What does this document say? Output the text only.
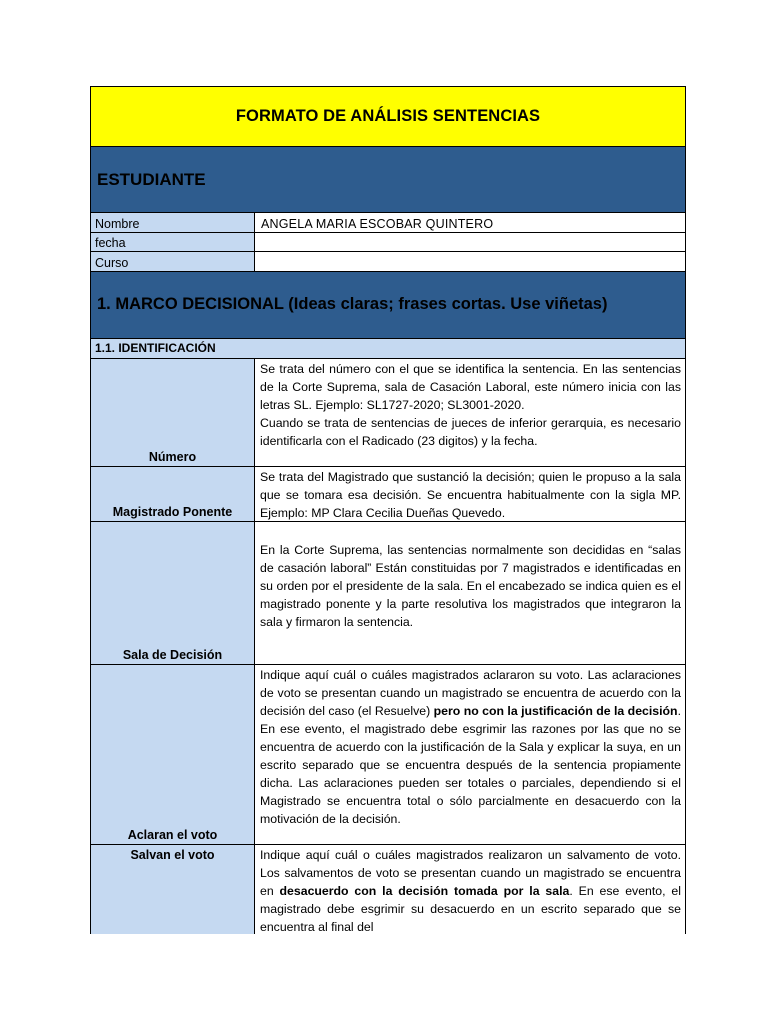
FORMATO DE ANÁLISIS SENTENCIAS
ESTUDIANTE
Nombre	ANGELA MARIA ESCOBAR QUINTERO
fecha
Curso
1. MARCO DECISIONAL (Ideas claras; frases cortas. Use viñetas)
1.1. IDENTIFICACIÓN
Número

Se trata del número con el que se identifica la sentencia. En las sentencias de la Corte Suprema, sala de Casación Laboral, este número inicia con las letras SL. Ejemplo: SL1727-2020; SL3001-2020.

Cuando se trata de sentencias de jueces de inferior gerarquia, es necesario identificarla con el Radicado (23 digitos) y la fecha.

Magistrado Ponente

Se trata del Magistrado que sustanció la decisión; quien le propuso a la sala que se tomara esa decisión. Se encuentra habitualmente con la sigla MP. Ejemplo: MP Clara Cecilia Dueñas Quevedo.

Sala de Decisión

En la Corte Suprema, las sentencias normalmente son decididas en “salas de casación laboral” Están constituidas por 7 magistrados e identificadas en su orden por el presidente de la sala. En el encabezado se indica quien es el magistrado ponente y la parte resolutiva los magistrados que integraron la sala y firmaron la sentencia.

Aclaran el voto

Indique aquí cuál o cuáles magistrados aclararon su voto. Las aclaraciones de voto se presentan cuando un magistrado se encuentra de acuerdo con la decisión del caso (el Resuelve) pero no con la justificación de la decisión. En ese evento, el magistrado debe esgrimir las razones por las que no se encuentra de acuerdo con la justificación de la Sala y explicar la suya, en un escrito separado que se encuentra después de la sentencia propiamente dicha. Las aclaraciones pueden ser totales o parciales, dependiendo si el Magistrado se encuentra total o sólo parcialmente en desacuerdo con la motivación de la decisión.

Salvan el voto	Indique aquí cuál o cuáles magistrados realizaron un salvamento de voto. Los salvamentos de voto se presentan cuando un magistrado se encuentra en desacuerdo con la decisión tomada por la sala. En ese evento, el magistrado debe esgrimir su desacuerdo en un escrito separado que se encuentra al final del
